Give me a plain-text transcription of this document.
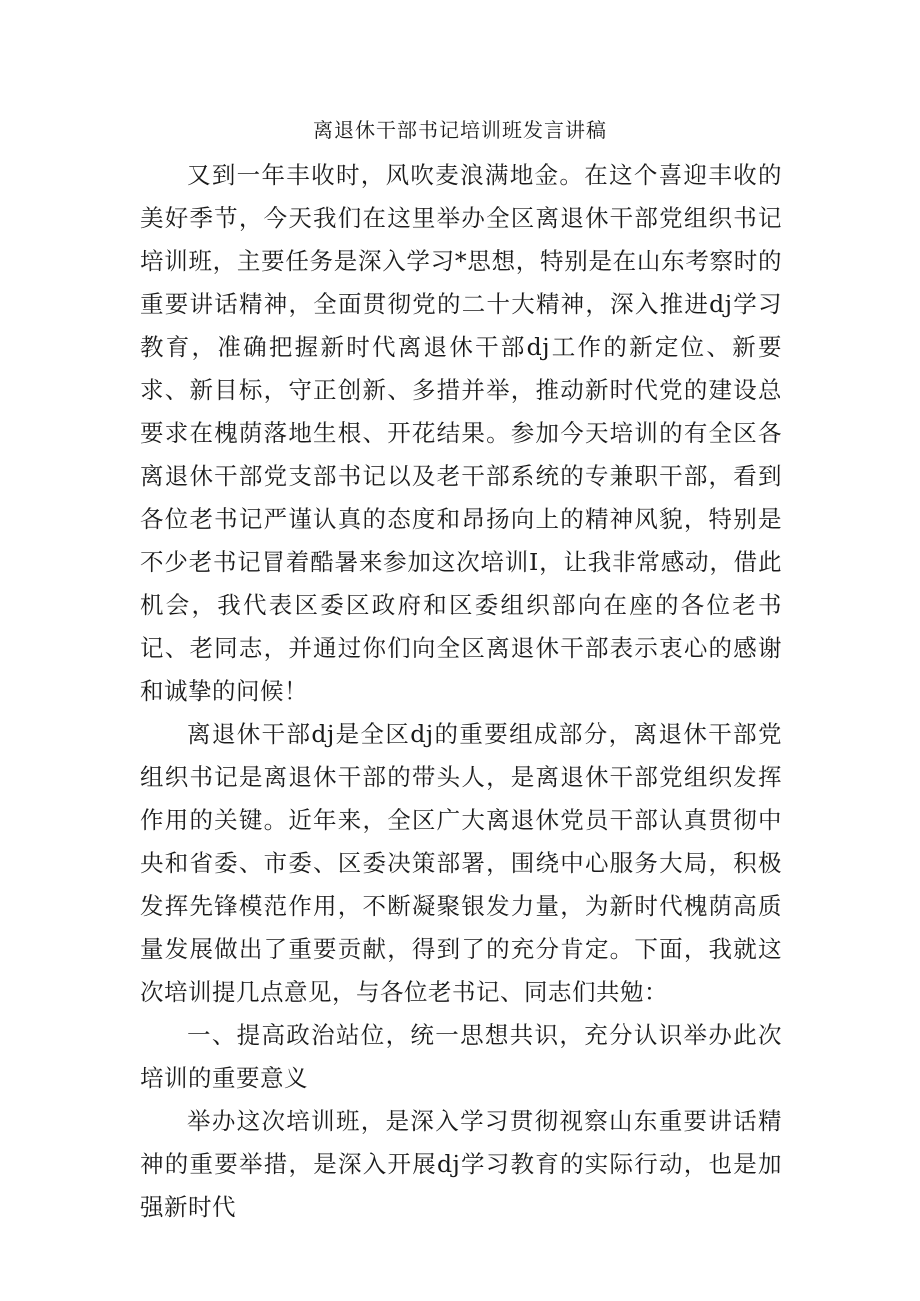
离退休干部书记培训班发言讲稿

又到一年丰收时，风吹麦浪满地金。在这个喜迎丰收的美好季节，今天我们在这里举办全区离退休干部党组织书记培训班，主要任务是深入学习*思想，特别是在山东考察时的重要讲话精神，全面贯彻党的二十大精神，深入推进dj学习教育，准确把握新时代离退休干部dj工作的新定位、新要求、新目标，守正创新、多措并举，推动新时代党的建设总要求在槐荫落地生根、开花结果。参加今天培训的有全区各离退休干部党支部书记以及老干部系统的专兼职干部，看到各位老书记严谨认真的态度和昂扬向上的精神风貌，特别是不少老书记冒着酷暑来参加这次培训I，让我非常感动，借此机会，我代表区委区政府和区委组织部向在座的各位老书记、老同志，并通过你们向全区离退休干部表示衷心的感谢和诚挚的问候！

离退休干部dj是全区dj的重要组成部分，离退休干部党组织书记是离退休干部的带头人，是离退休干部党组织发挥作用的关键。近年来，全区广大离退休党员干部认真贯彻中央和省委、市委、区委决策部署，围绕中心服务大局，积极发挥先锋模范作用，不断凝聚银发力量，为新时代槐荫高质量发展做出了重要贡献，得到了的充分肯定。下面，我就这次培训提几点意见，与各位老书记、同志们共勉：

一、提高政治站位，统一思想共识，充分认识举办此次培训的重要意义

举办这次培训班，是深入学习贯彻视察山东重要讲话精神的重要举措，是深入开展dj学习教育的实际行动，也是加强新时代
